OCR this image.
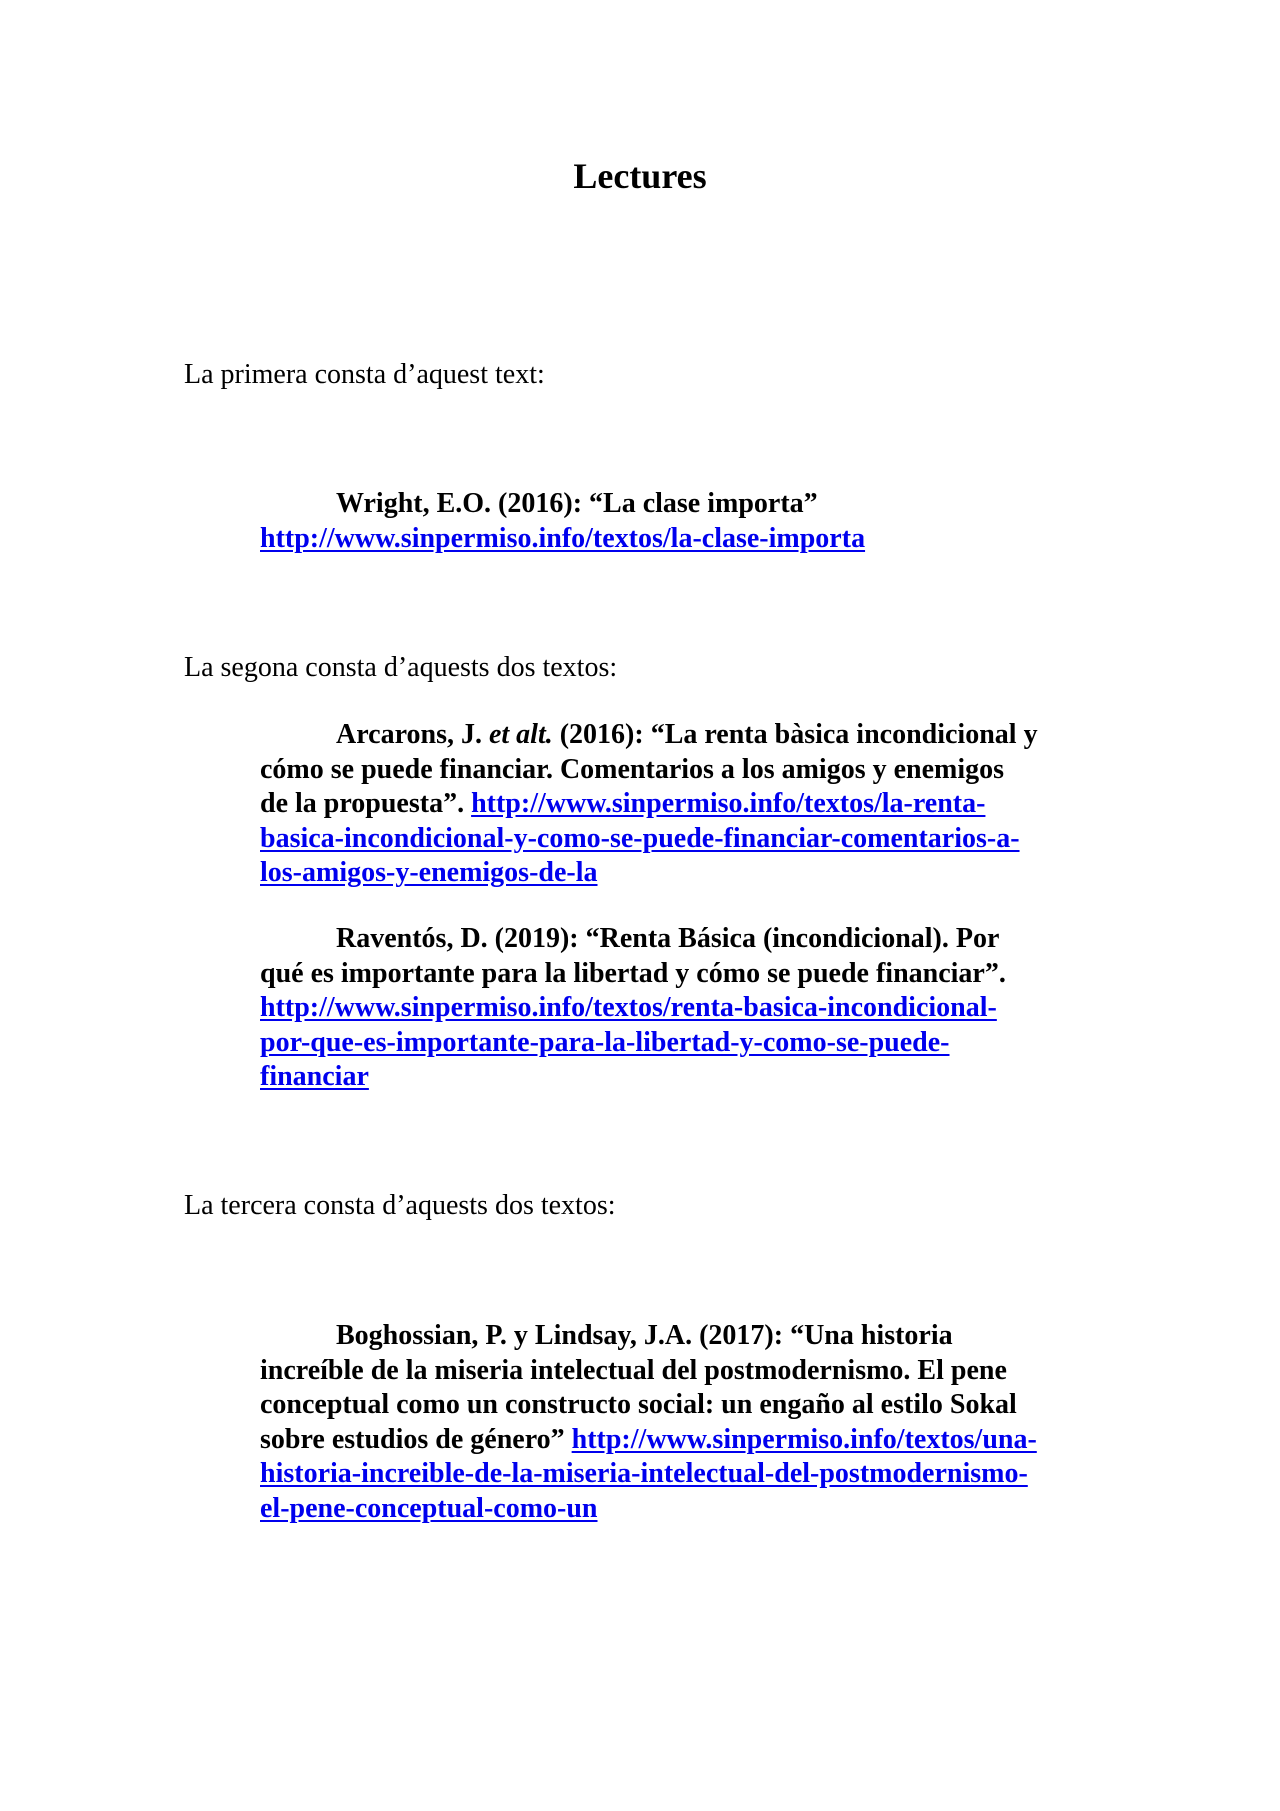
Lectures

La primera consta d’aquest text:

Wright, E.O. (2016): “La clase importa”
http://www.sinpermiso.info/textos/la-clase-importa

La segona consta d’aquests dos textos:

Arcarons, J. et alt. (2016): “La renta bàsica incondicional y
cómo se puede financiar. Comentarios a los amigos y enemigos
de la propuesta”. http://www.sinpermiso.info/textos/la-renta-
basica-incondicional-y-como-se-puede-financiar-comentarios-a-
los-amigos-y-enemigos-de-la
Raventós, D. (2019): “Renta Básica (incondicional). Por
qué es importante para la libertad y cómo se puede financiar”.
http://www.sinpermiso.info/textos/renta-basica-incondicional-
por-que-es-importante-para-la-libertad-y-como-se-puede-
financiar

La tercera consta d’aquests dos textos:

Boghossian, P. y Lindsay, J.A. (2017): “Una historia
increíble de la miseria intelectual del postmodernismo. El pene
conceptual como un constructo social: un engaño al estilo Sokal
sobre estudios de género” http://www.sinpermiso.info/textos/una-
historia-increible-de-la-miseria-intelectual-del-postmodernismo-
el-pene-conceptual-como-un
